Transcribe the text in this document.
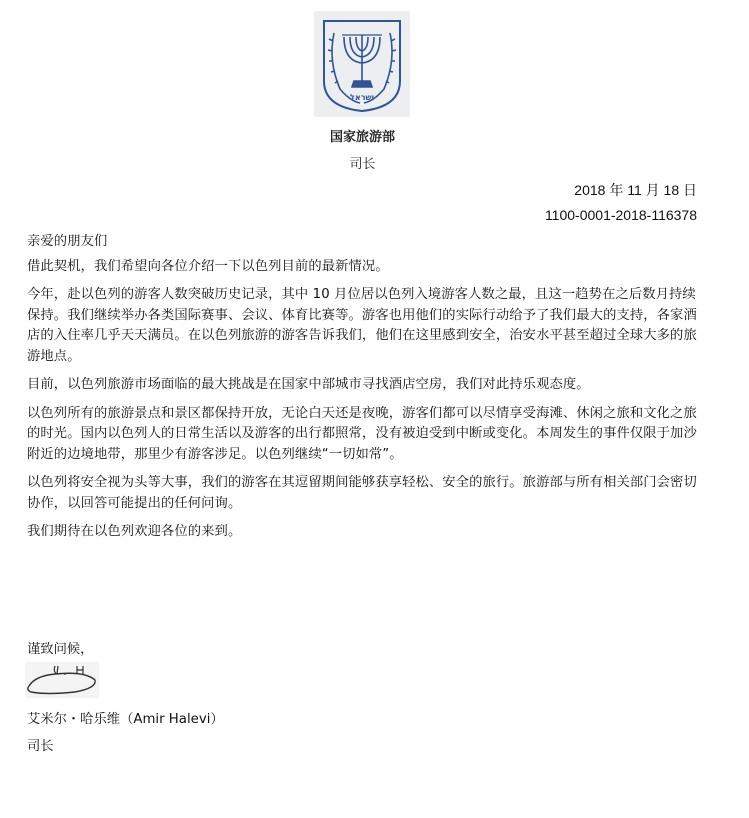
ישראל
国家旅游部
司长
2018 年 11 月 18 日
1100-0001-2018-116378

亲爱的朋友们

借此契机，我们希望向各位介绍一下以色列目前的最新情况。

今年，赴以色列的游客人数突破历史记录，其中 10 月位居以色列入境游客人数之最，且这一趋势在之后数月持续保持。我们继续举办各类国际赛事、会议、体育比赛等。游客也用他们的实际行动给予了我们最大的支持，各家酒店的入住率几乎天天满员。在以色列旅游的游客告诉我们，他们在这里感到安全，治安水平甚至超过全球大多的旅游地点。

目前，以色列旅游市场面临的最大挑战是在国家中部城市寻找酒店空房，我们对此持乐观态度。

以色列所有的旅游景点和景区都保持开放，无论白天还是夜晚，游客们都可以尽情享受海滩、休闲之旅和文化之旅的时光。国内以色列人的日常生活以及游客的出行都照常，没有被迫受到中断或变化。本周发生的事件仅限于加沙附近的边境地带，那里少有游客涉足。以色列继续“一切如常”。

以色列将安全视为头等大事，我们的游客在其逗留期间能够获享轻松、安全的旅行。旅游部与所有相关部门会密切协作，以回答可能提出的任何问询。

我们期待在以色列欢迎各位的来到。

谨致问候，
艾米尔・哈乐维（Amir Halevi）
司长
